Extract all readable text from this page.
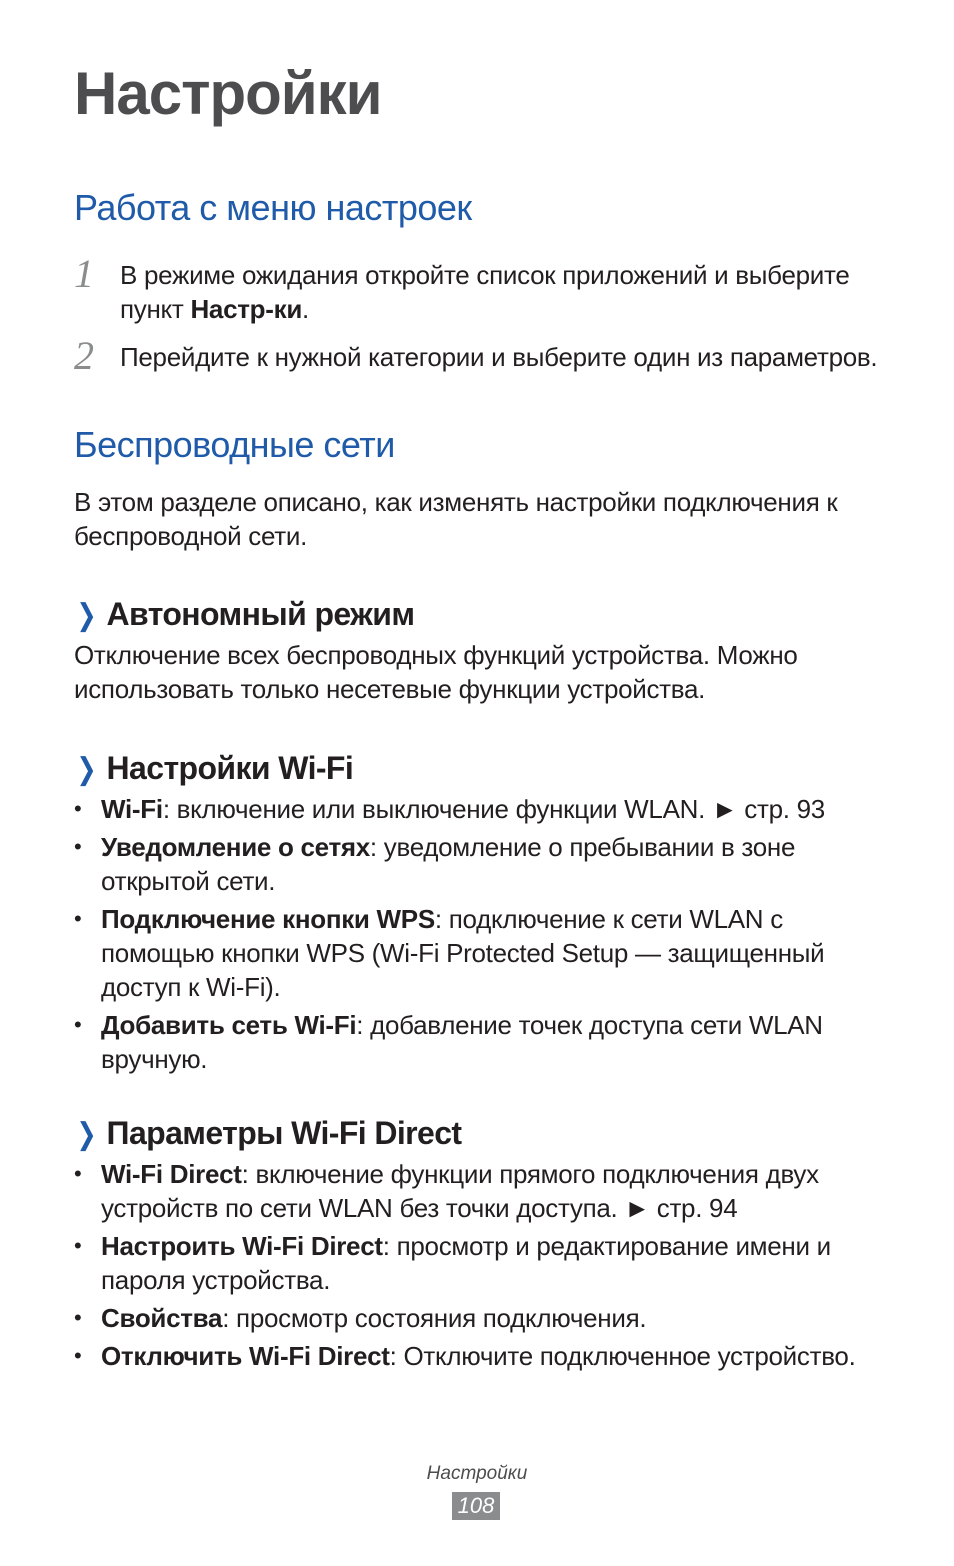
Настройки
Работа с меню настроек
1 В режиме ожидания откройте список приложений и выберите пункт Настр-ки.
2 Перейдите к нужной категории и выберите один из параметров.
Беспроводные сети

В этом разделе описано, как изменять настройки подключения к беспроводной сети.

❯ Автономный режим

Отключение всех беспроводных функций устройства. Можно использовать только несетевые функции устройства.

❯ Настройки Wi-Fi
• Wi-Fi: включение или выключение функции WLAN. ► стр. 93
• Уведомление о сетях: уведомление о пребывании в зоне открытой сети.
• Подключение кнопки WPS: подключение к сети WLAN с помощью кнопки WPS (Wi-Fi Protected Setup — защищенный доступ к Wi-Fi).
• Добавить сеть Wi-Fi: добавление точек доступа сети WLAN вручную.
❯ Параметры Wi-Fi Direct
• Wi-Fi Direct: включение функции прямого подключения двух устройств по сети WLAN без точки доступа. ► стр. 94
• Настроить Wi-Fi Direct: просмотр и редактирование имени и пароля устройства.
• Свойства: просмотр состояния подключения.
• Отключить Wi-Fi Direct: Отключите подключенное устройство.
Настройки
108
